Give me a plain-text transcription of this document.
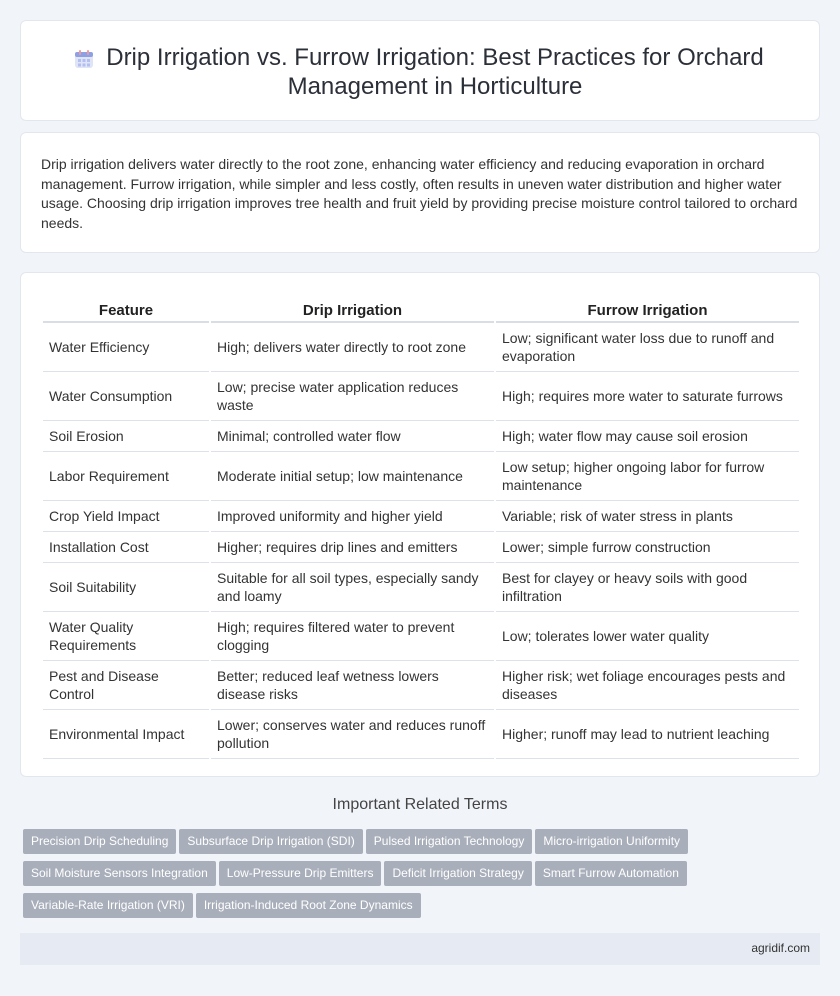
Drip Irrigation vs. Furrow Irrigation: Best Practices for Orchard Management in Horticulture

Drip irrigation delivers water directly to the root zone, enhancing water efficiency and reducing evaporation in orchard management. Furrow irrigation, while simpler and less costly, often results in uneven water distribution and higher water usage. Choosing drip irrigation improves tree health and fruit yield by providing precise moisture control tailored to orchard needs.

Feature	Drip Irrigation	Furrow Irrigation
Water Efficiency	High; delivers water directly to root zone	Low; significant water loss due to runoff and evaporation
Water Consumption	Low; precise water application reduces waste	High; requires more water to saturate furrows
Soil Erosion	Minimal; controlled water flow	High; water flow may cause soil erosion
Labor Requirement	Moderate initial setup; low maintenance	Low setup; higher ongoing labor for furrow maintenance
Crop Yield Impact	Improved uniformity and higher yield	Variable; risk of water stress in plants
Installation Cost	Higher; requires drip lines and emitters	Lower; simple furrow construction
Soil Suitability	Suitable for all soil types, especially sandy and loamy	Best for clayey or heavy soils with good infiltration
Water Quality Requirements	High; requires filtered water to prevent clogging	Low; tolerates lower water quality
Pest and Disease Control	Better; reduced leaf wetness lowers disease risks	Higher risk; wet foliage encourages pests and diseases
Environmental Impact	Lower; conserves water and reduces runoff pollution	Higher; runoff may lead to nutrient leaching
Important Related Terms
Precision Drip Scheduling Subsurface Drip Irrigation (SDI) Pulsed Irrigation Technology Micro-irrigation Uniformity
Soil Moisture Sensors Integration Low-Pressure Drip Emitters Deficit Irrigation Strategy Smart Furrow Automation
Variable-Rate Irrigation (VRI) Irrigation-Induced Root Zone Dynamics
agridif.com
